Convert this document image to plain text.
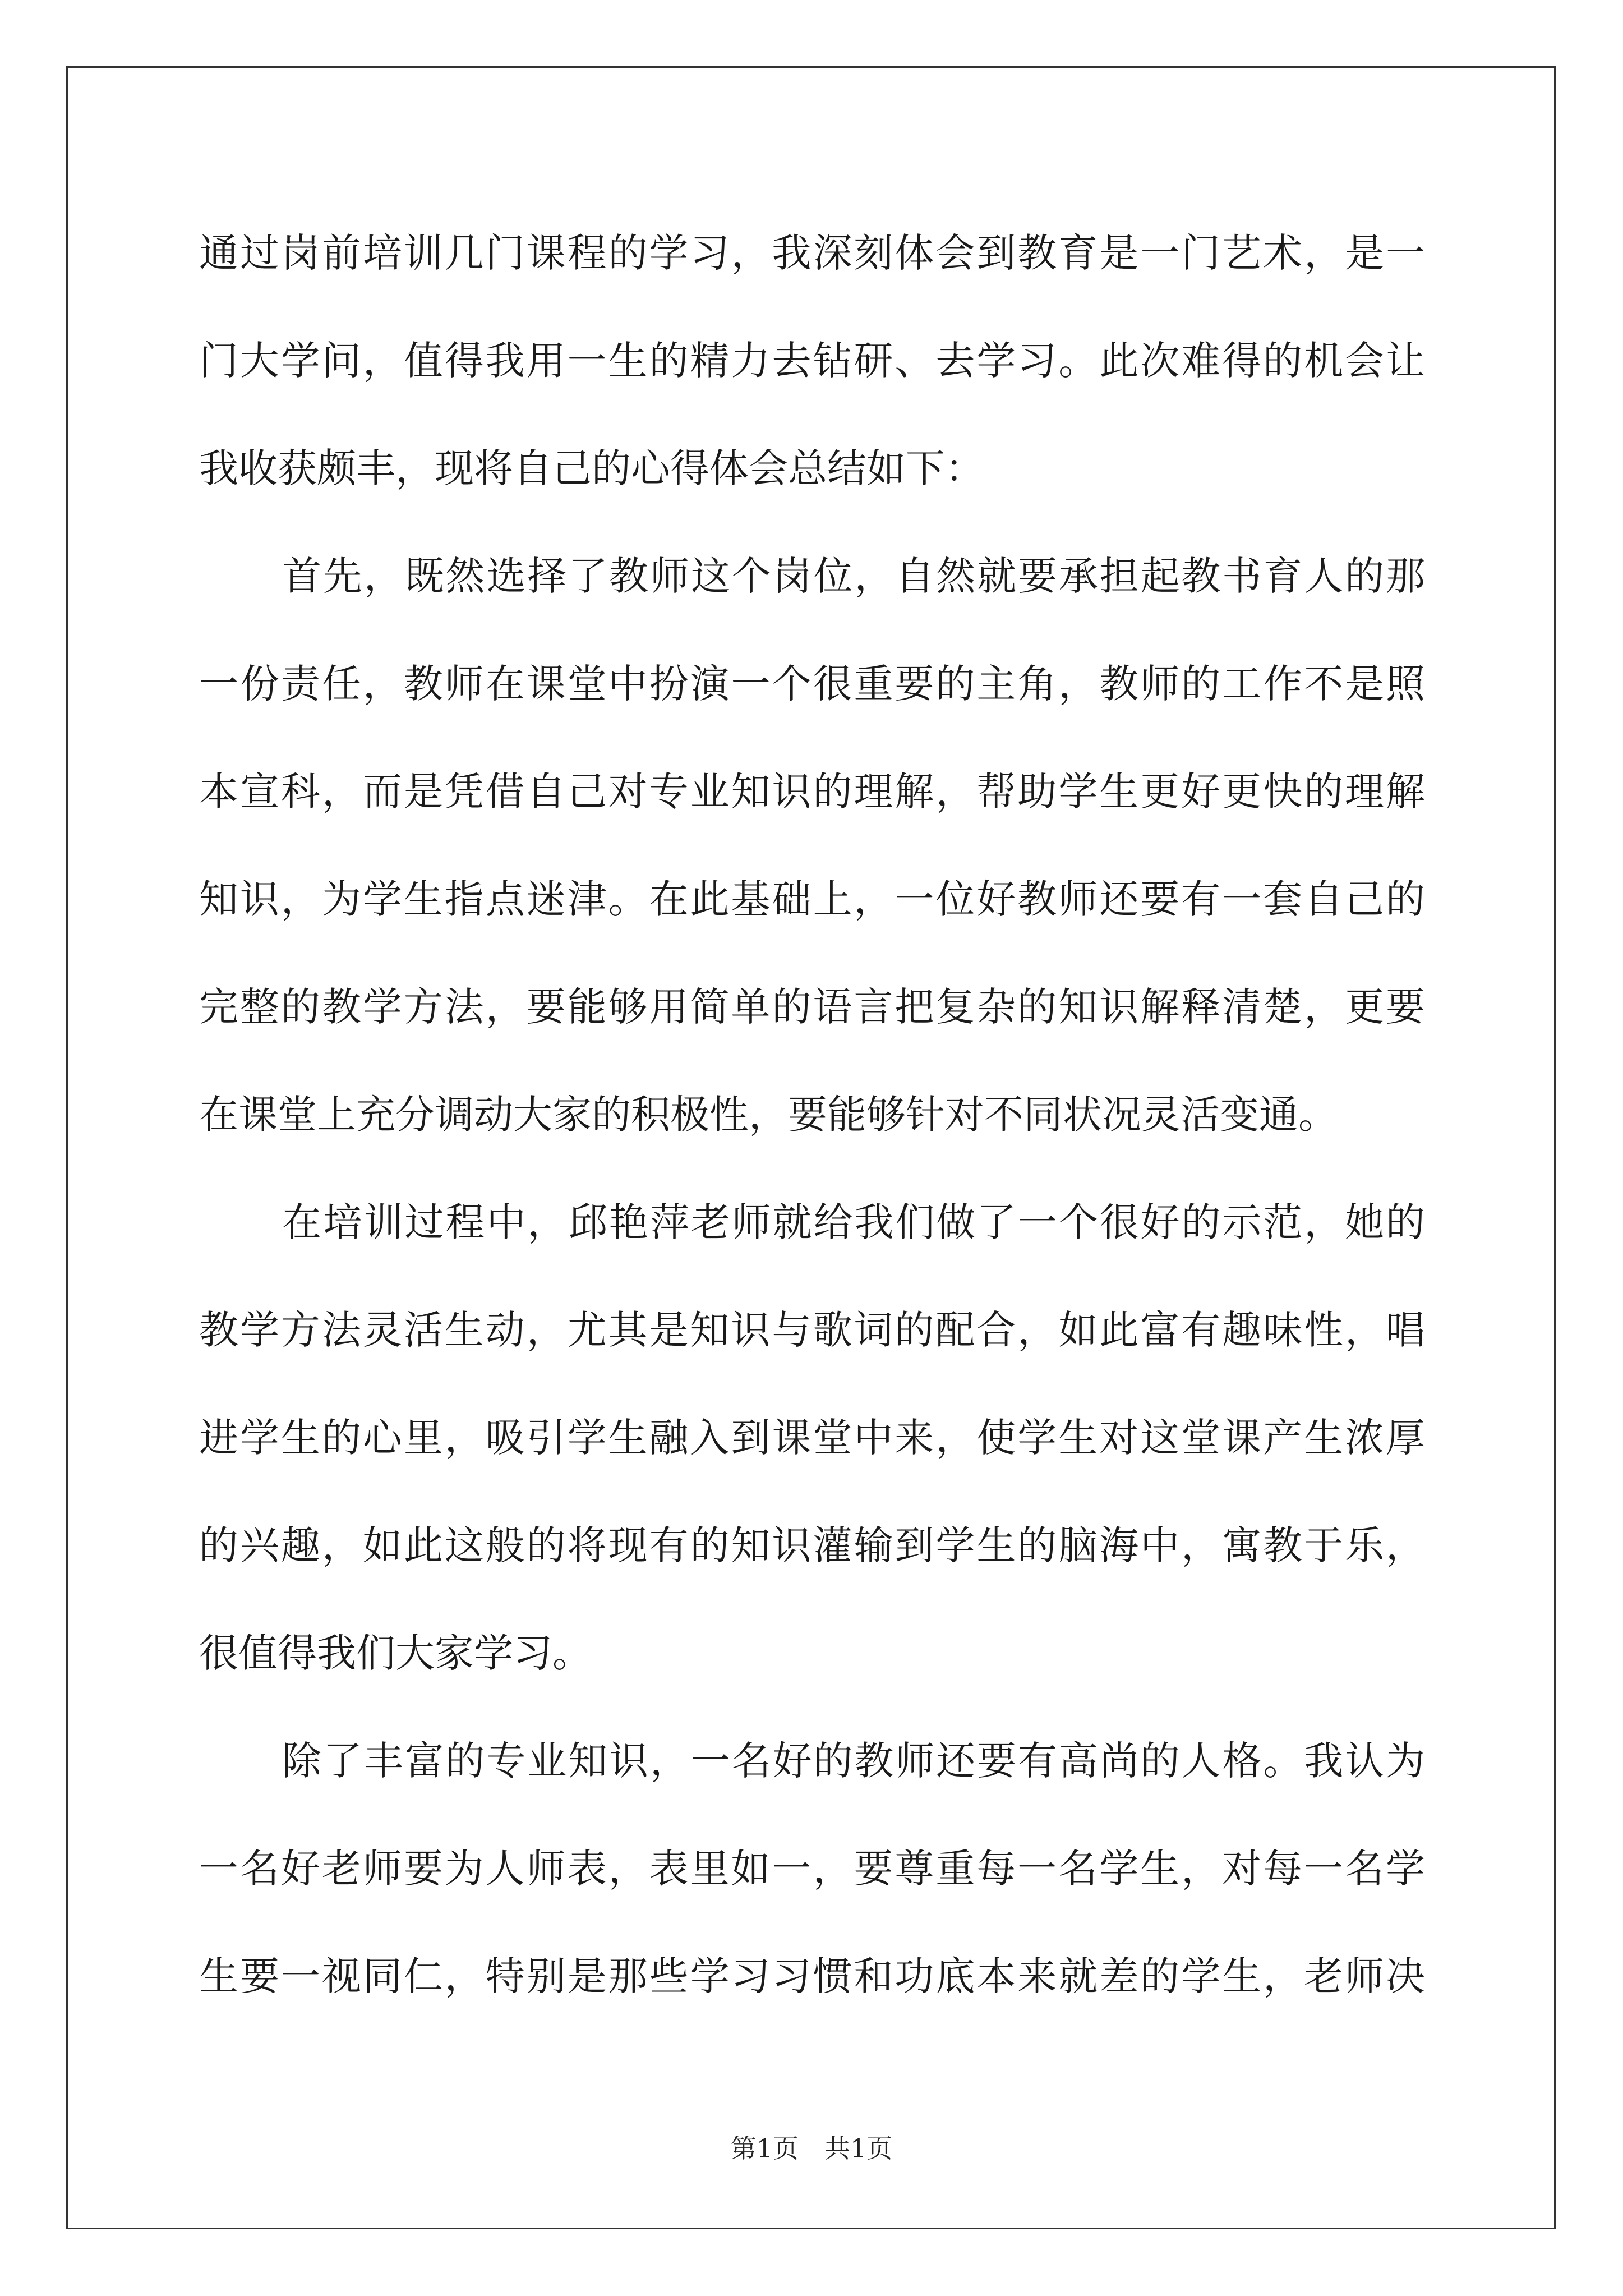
通过岗前培训几门课程的学习，我深刻体会到教育是一门艺术，是一
门大学问，值得我用一生的精力去钻研、去学习。此次难得的机会让
我收获颇丰，现将自己的心得体会总结如下：
首先，既然选择了教师这个岗位，自然就要承担起教书育人的那
一份责任，教师在课堂中扮演一个很重要的主角，教师的工作不是照
本宣科，而是凭借自己对专业知识的理解，帮助学生更好更快的理解
知识，为学生指点迷津。在此基础上，一位好教师还要有一套自己的
完整的教学方法，要能够用简单的语言把复杂的知识解释清楚，更要
在课堂上充分调动大家的积极性，要能够针对不同状况灵活变通。
在培训过程中，邱艳萍老师就给我们做了一个很好的示范，她的
教学方法灵活生动，尤其是知识与歌词的配合，如此富有趣味性，唱
进学生的心里，吸引学生融入到课堂中来，使学生对这堂课产生浓厚
的兴趣，如此这般的将现有的知识灌输到学生的脑海中，寓教于乐，
很值得我们大家学习。
除了丰富的专业知识，一名好的教师还要有高尚的人格。我认为
一名好老师要为人师表，表里如一，要尊重每一名学生，对每一名学
生要一视同仁，特别是那些学习习惯和功底本来就差的学生，老师决
第1页　共1页
